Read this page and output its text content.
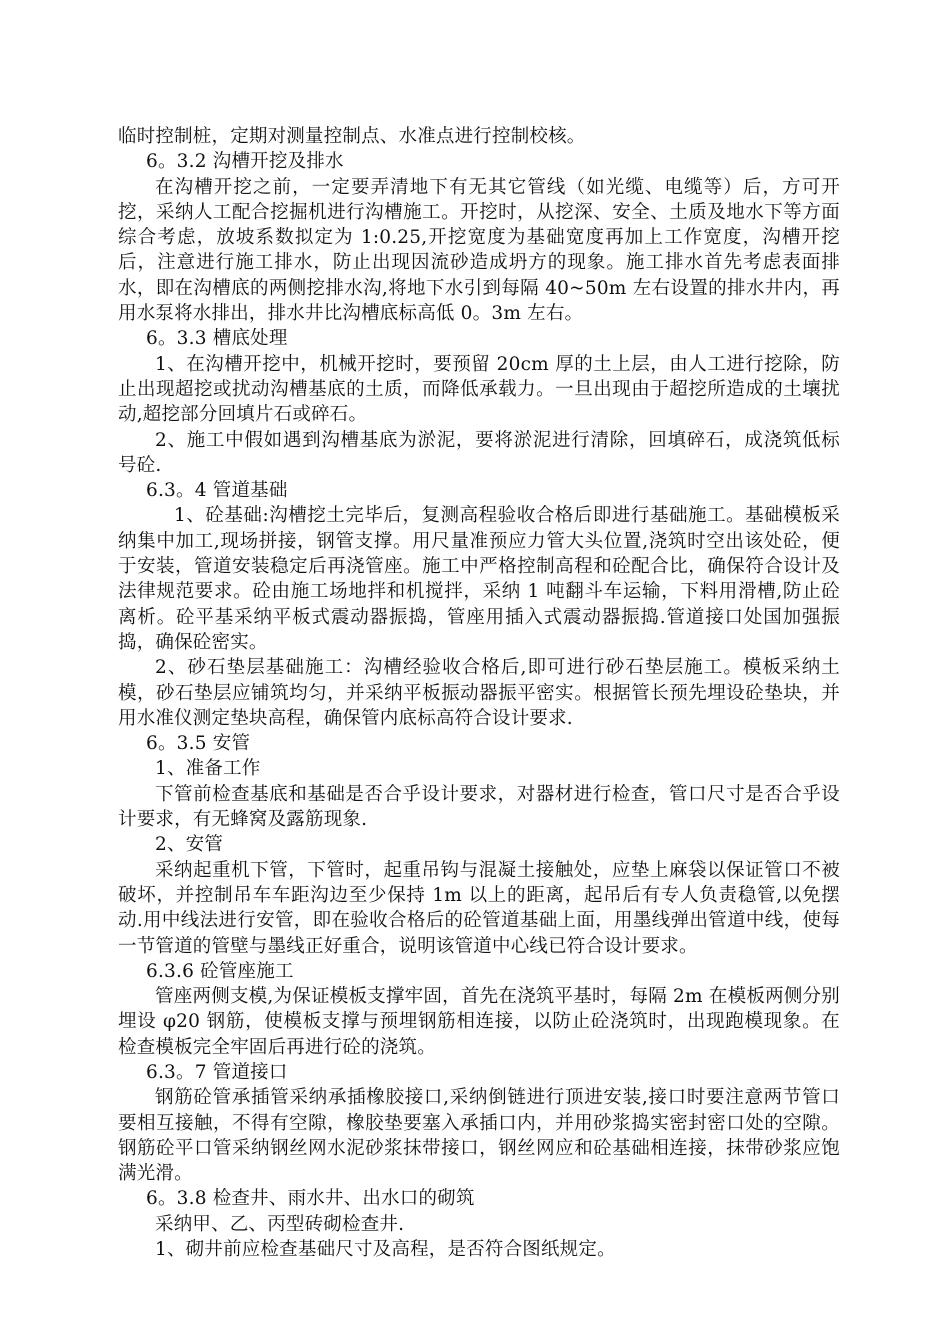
临时控制桩，定期对测量控制点、水准点进行控制校核。

6。3.2 沟槽开挖及排水

在沟槽开挖之前，一定要弄清地下有无其它管线（如光缆、电缆等）后，方可开挖，采纳人工配合挖掘机进行沟槽施工。开挖时，从挖深、安全、土质及地水下等方面综合考虑，放坡系数拟定为 1:0.25,开挖宽度为基础宽度再加上工作宽度，沟槽开挖后，注意进行施工排水，防止出现因流砂造成坍方的现象。施工排水首先考虑表面排水，即在沟槽底的两侧挖排水沟,将地下水引到每隔 40~50m 左右设置的排水井内，再用水泵将水排出，排水井比沟槽底标高低 0。3m 左右。

6。3.3 槽底处理

1、在沟槽开挖中，机械开挖时，要预留 20cm 厚的土上层，由人工进行挖除，防止出现超挖或扰动沟槽基底的土质，而降低承载力。一旦出现由于超挖所造成的土壤扰动,超挖部分回填片石或碎石。

2、施工中假如遇到沟槽基底为淤泥，要将淤泥进行清除，回填碎石，成浇筑低标号砼.

6.3。4 管道基础

1、砼基础:沟槽挖土完毕后，复测高程验收合格后即进行基础施工。基础模板采纳集中加工,现场拼接，钢管支撑。用尺量准预应力管大头位置,浇筑时空出该处砼，便于安装，管道安装稳定后再浇管座。施工中严格控制高程和砼配合比，确保符合设计及法律规范要求。砼由施工场地拌和机搅拌，采纳 1 吨翻斗车运输，下料用滑槽,防止砼离析。砼平基采纳平板式震动器振捣，管座用插入式震动器振捣.管道接口处国加强振捣，确保砼密实。

2、砂石垫层基础施工：沟槽经验收合格后,即可进行砂石垫层施工。模板采纳土模，砂石垫层应铺筑均匀，并采纳平板振动器振平密实。根据管长预先埋设砼垫块，并用水准仪测定垫块高程，确保管内底标高符合设计要求.

6。3.5 安管

1、准备工作

下管前检查基底和基础是否合乎设计要求，对器材进行检查，管口尺寸是否合乎设计要求，有无蜂窝及露筋现象.

2、安管

采纳起重机下管，下管时，起重吊钩与混凝土接触处，应垫上麻袋以保证管口不被破坏，并控制吊车车距沟边至少保持 1m 以上的距离，起吊后有专人负责稳管,以免摆动.用中线法进行安管，即在验收合格后的砼管道基础上面，用墨线弹出管道中线，使每一节管道的管壁与墨线正好重合，说明该管道中心线已符合设计要求。

6.3.6 砼管座施工

管座两侧支模,为保证模板支撑牢固，首先在浇筑平基时，每隔 2m 在模板两侧分别埋设 φ20 钢筋，使模板支撑与预埋钢筋相连接，以防止砼浇筑时，出现跑模现象。在检查模板完全牢固后再进行砼的浇筑。

6.3。7 管道接口

钢筋砼管承插管采纳承插橡胶接口,采纳倒链进行顶进安装,接口时要注意两节管口要相互接触，不得有空隙，橡胶垫要塞入承插口内，并用砂浆捣实密封密口处的空隙。钢筋砼平口管采纳钢丝网水泥砂浆抹带接口，钢丝网应和砼基础相连接，抹带砂浆应饱满光滑。

6。3.8 检查井、雨水井、出水口的砌筑

采纳甲、乙、丙型砖砌检查井.

1、砌井前应检查基础尺寸及高程，是否符合图纸规定。
